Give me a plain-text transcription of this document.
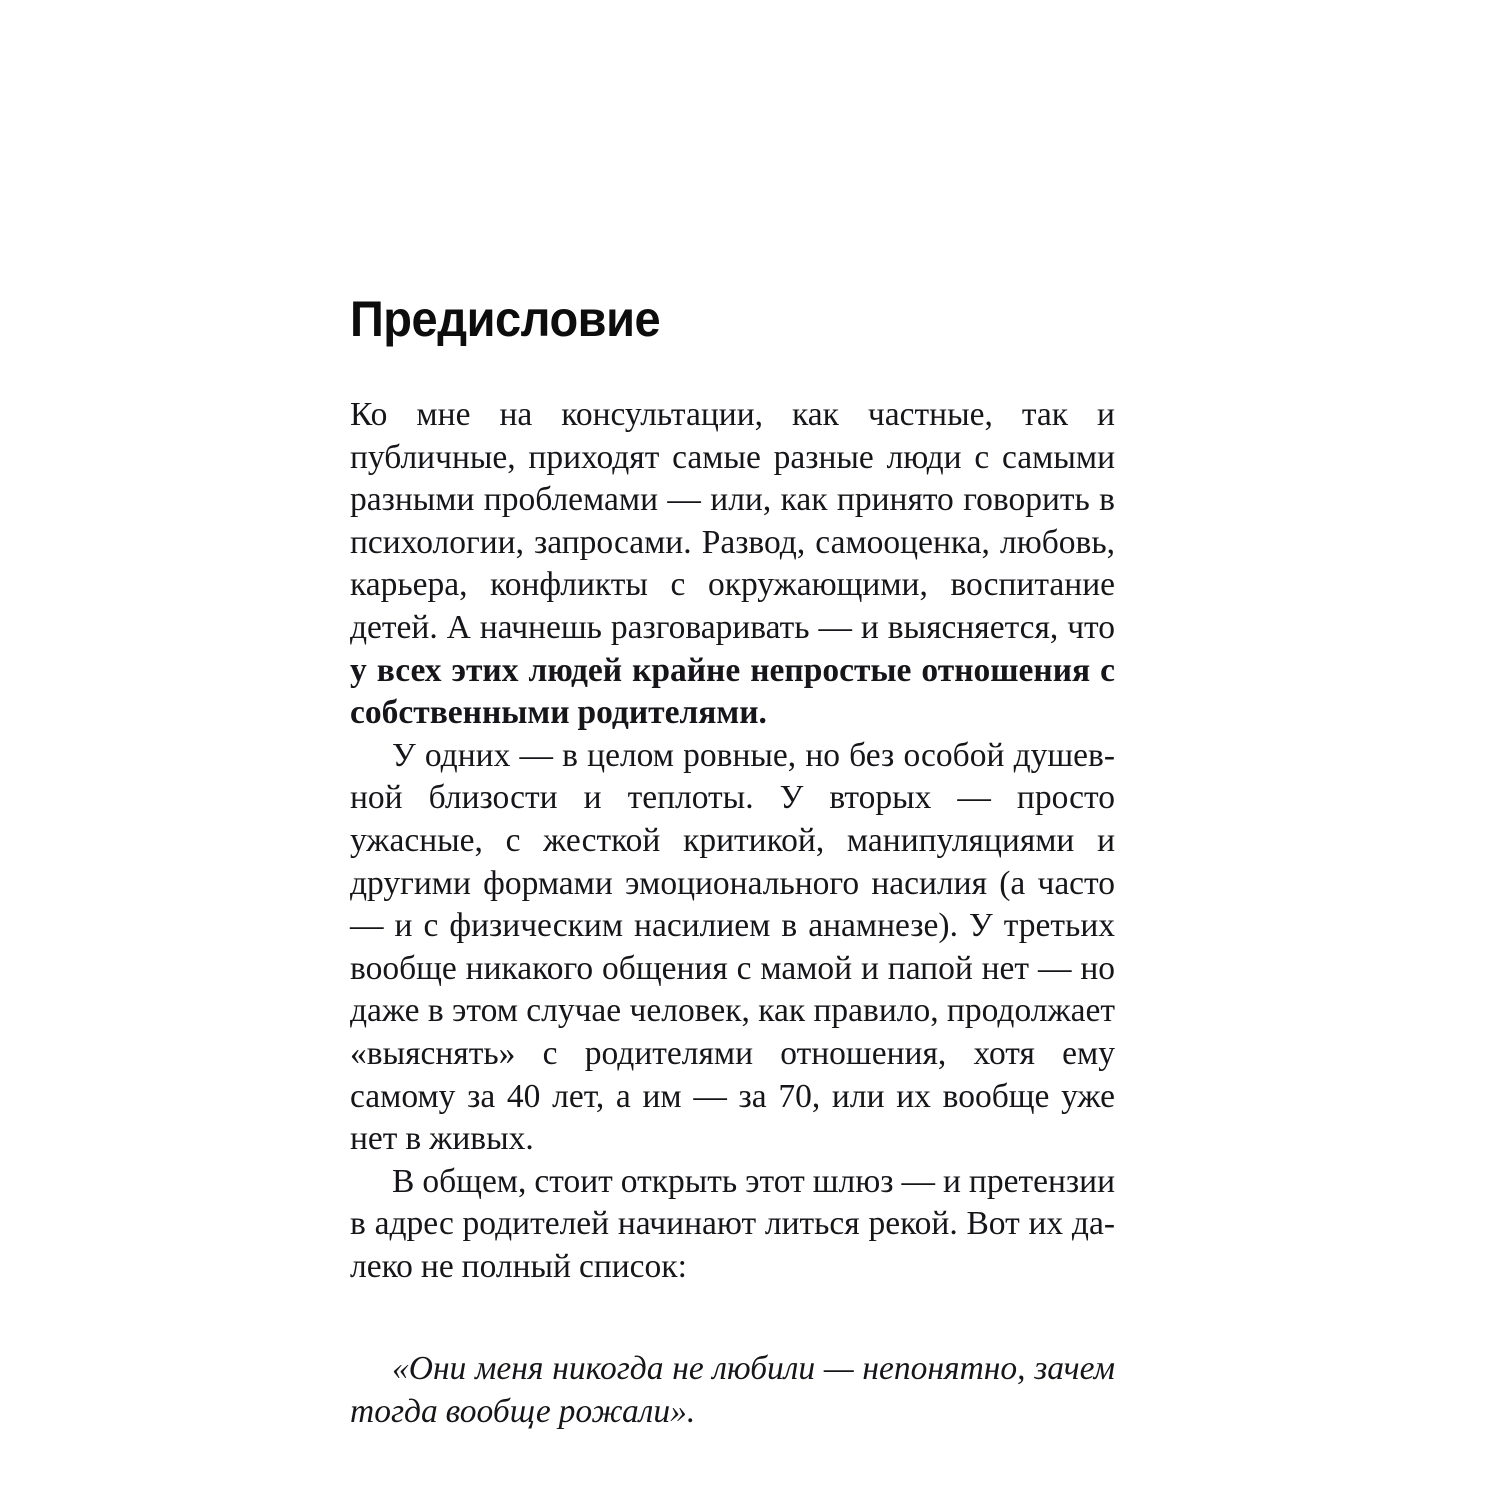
Предисловие

Ко мне на консультации, как частные, так и публичные, приходят самые разные люди с самыми разными проблемами — или, как принято говорить в психологии, запросами. Развод, самооценка, любовь, карьера, конфликты с окружающими, воспитание детей. А начнешь разговаривать — и выясняется, что у всех этих людей крайне непростые отношения с собственными родителями.

У одних — в целом ровные, но без особой душевной близости и теплоты. У вторых — просто ужасные, с жесткой критикой, манипуляциями и другими формами эмоционального насилия (а часто — и с физическим насилием в анамнезе). У третьих вообще никакого общения с мамой и папой нет — но даже в этом случае человек, как правило, продолжает «выяснять» с родителями отношения, хотя ему самому за 40 лет, а им — за 70, или их вообще уже нет в живых.

В общем, стоит открыть этот шлюз — и претензии в адрес родителей начинают литься рекой. Вот их далеко не полный список:

«Они меня никогда не любили — непонятно, зачем тогда вообще рожали».
